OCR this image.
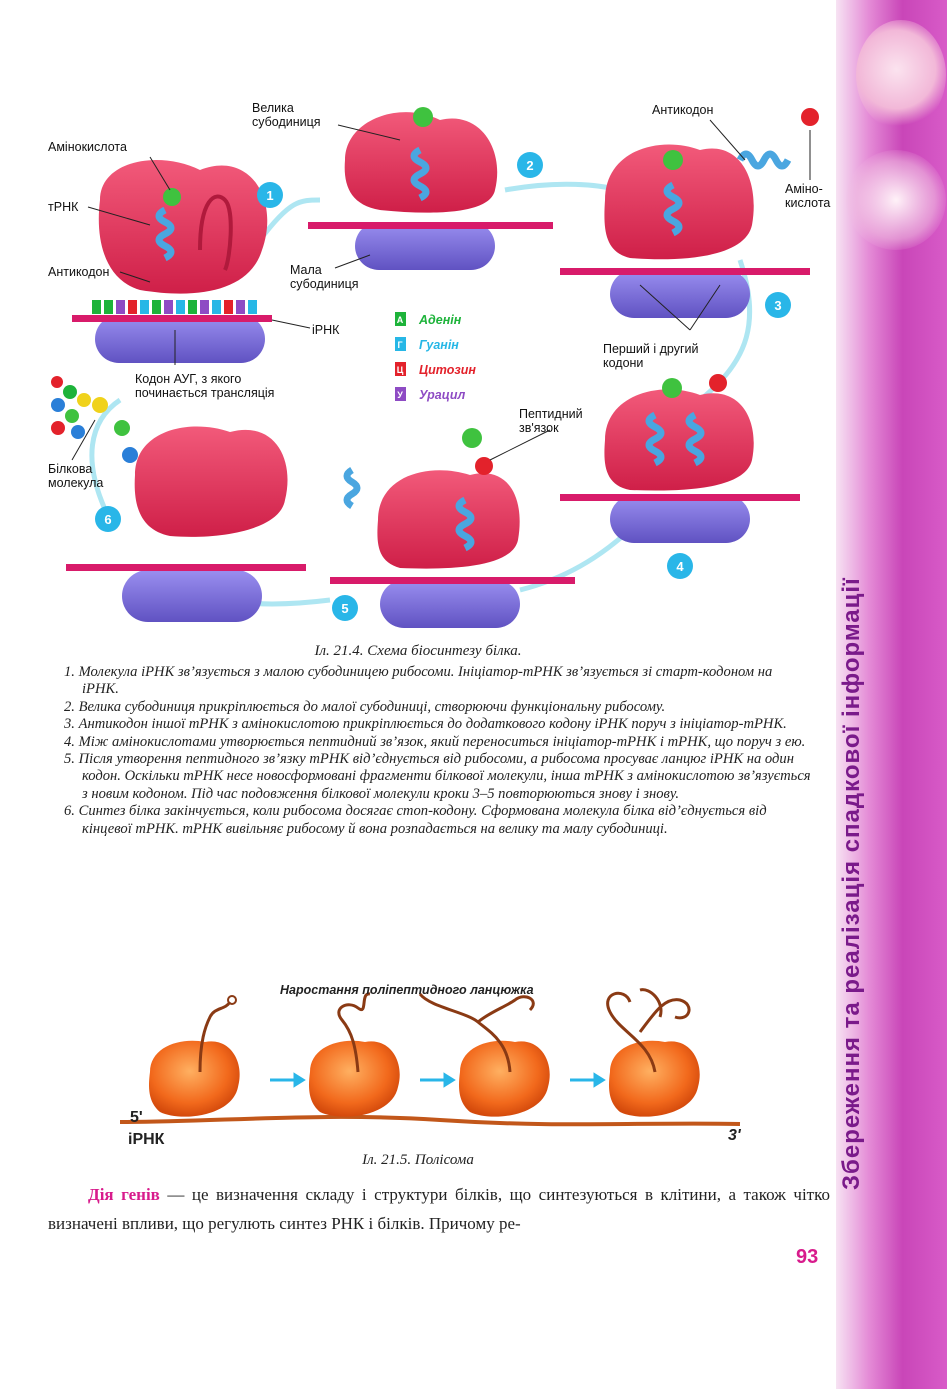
Збереження та реалізація спадкової інформації
1
2
3
4
5
6
А Аденін
Г Гуанін
Ц Цитозин
У Урацил
Амінокислота
тРНК
Антикодон
Велика
субодиниця
Мала
субодиниця
іРНК
Кодон АУГ, з якого
починається трансляція
Антикодон
Аміно-
кислота
Перший і другий
кодони
Пептидний
зв'язок
Білкова
молекула
Іл. 21.4. Схема біосинтезу білка.

1. Молекула іРНК зв’язується з малою субодиницею рибосоми. Ініціатор-тРНК зв’язується зі старт-кодоном на іРНК.

2. Велика субодиниця прикріплюється до малої субодиниці, створюючи функціональну рибосому.

3. Антикодон іншої тРНК з амінокислотою прикріплюється до додаткового кодону іРНК поруч з ініціатор-тРНК.

4. Між амінокислотами утворюється пептидний зв’язок, який переноситься ініціатор-тРНК і тРНК, що поруч з ею.

5. Після утворення пептидного зв’язку тРНК від’єднується від рибосоми, а рибосома просуває ланцюг іРНК на один кодон. Оскільки тРНК несе новосформовані фрагменти білкової молекули, інша тРНК з амінокислотою зв’язується з новим кодоном. Під час подовження білкової молекули кроки 3–5 повторюються знову і знову.

6. Синтез білка закінчується, коли рибосома досягає стоп-кодону. Сформована молекула білка від’єднується від кінцевої тРНК. тРНК вивільняє рибосому й вона розпадається на велику та малу субодиниці.

Наростання поліпептидного ланцюжка
5'
іРНК	3'
Іл. 21.5. Полісома
Дія генів — це визначення складу і структури білків, що синтезуються в клітини, а також чітко визначені впливи, що регулють синтез РНК і білків. Причому ре-
93
